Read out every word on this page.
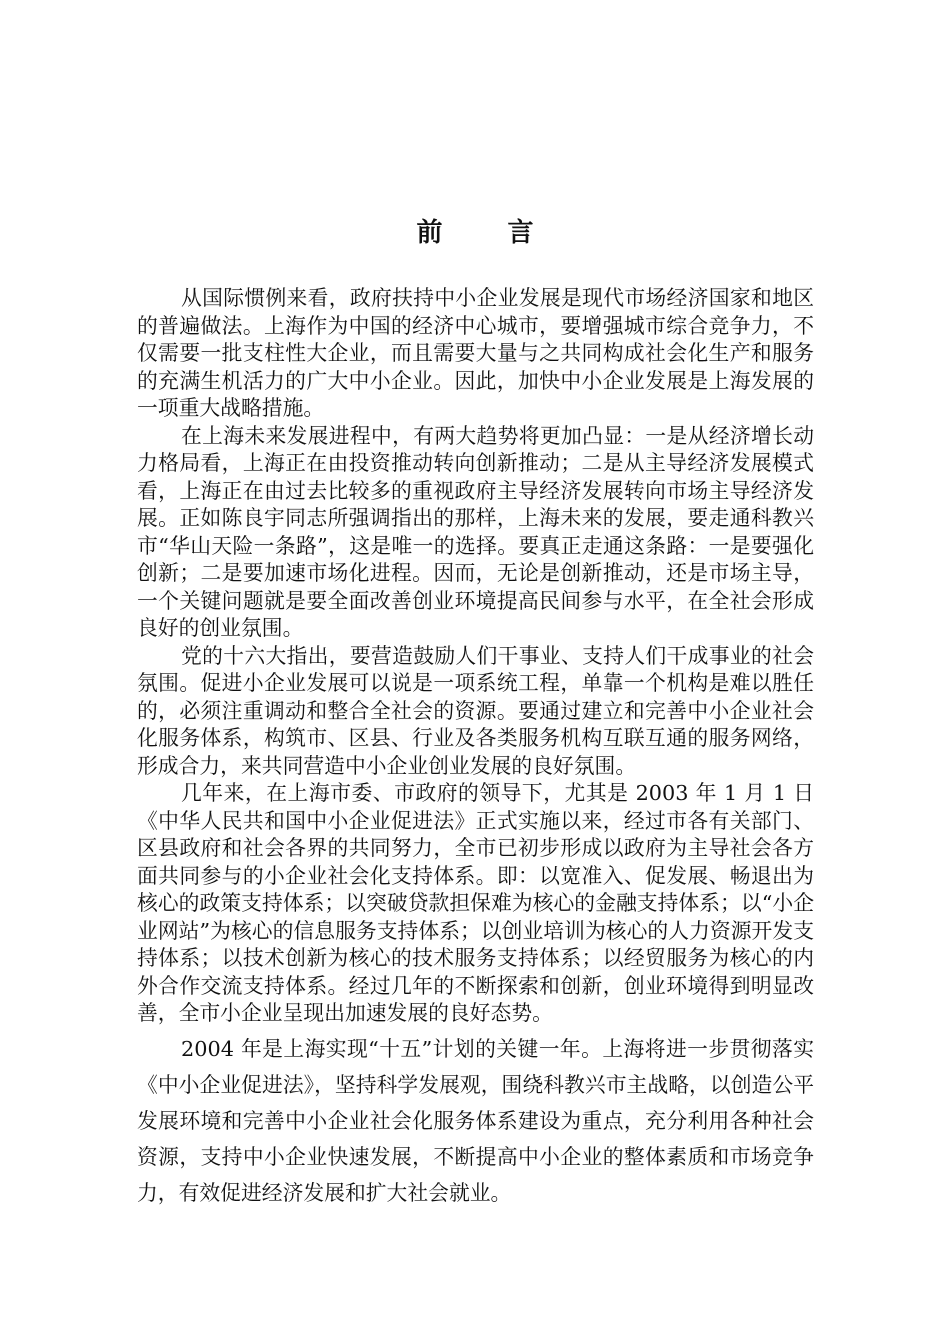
前 言

从国际惯例来看，政府扶持中小企业发展是现代市场经济国家和地区的普遍做法。上海作为中国的经济中心城市，要增强城市综合竞争力，不仅需要一批支柱性大企业，而且需要大量与之共同构成社会化生产和服务的充满生机活力的广大中小企业。因此，加快中小企业发展是上海发展的一项重大战略措施。

在上海未来发展进程中，有两大趋势将更加凸显：一是从经济增长动力格局看，上海正在由投资推动转向创新推动；二是从主导经济发展模式看，上海正在由过去比较多的重视政府主导经济发展转向市场主导经济发展。正如陈良宇同志所强调指出的那样，上海未来的发展，要走通科教兴市“华山天险一条路”，这是唯一的选择。要真正走通这条路：一是要强化创新；二是要加速市场化进程。因而，无论是创新推动，还是市场主导，一个关键问题就是要全面改善创业环境提高民间参与水平，在全社会形成良好的创业氛围。

党的十六大指出，要营造鼓励人们干事业、支持人们干成事业的社会氛围。促进小企业发展可以说是一项系统工程，单靠一个机构是难以胜任的，必须注重调动和整合全社会的资源。要通过建立和完善中小企业社会化服务体系，构筑市、区县、行业及各类服务机构互联互通的服务网络，形成合力，来共同营造中小企业创业发展的良好氛围。

几年来，在上海市委、市政府的领导下，尤其是 2003 年 1 月 1 日《中华人民共和国中小企业促进法》正式实施以来，经过市各有关部门、区县政府和社会各界的共同努力，全市已初步形成以政府为主导社会各方面共同参与的小企业社会化支持体系。即：以宽准入、促发展、畅退出为核心的政策支持体系；以突破贷款担保难为核心的金融支持体系；以“小企业网站”为核心的信息服务支持体系；以创业培训为核心的人力资源开发支持体系；以技术创新为核心的技术服务支持体系；以经贸服务为核心的内外合作交流支持体系。经过几年的不断探索和创新，创业环境得到明显改善，全市小企业呈现出加速发展的良好态势。

2004 年是上海实现“十五”计划的关键一年。上海将进一步贯彻落实《中小企业促进法》，坚持科学发展观，围绕科教兴市主战略，以创造公平发展环境和完善中小企业社会化服务体系建设为重点，充分利用各种社会资源，支持中小企业快速发展，不断提高中小企业的整体素质和市场竞争力，有效促进经济发展和扩大社会就业。
